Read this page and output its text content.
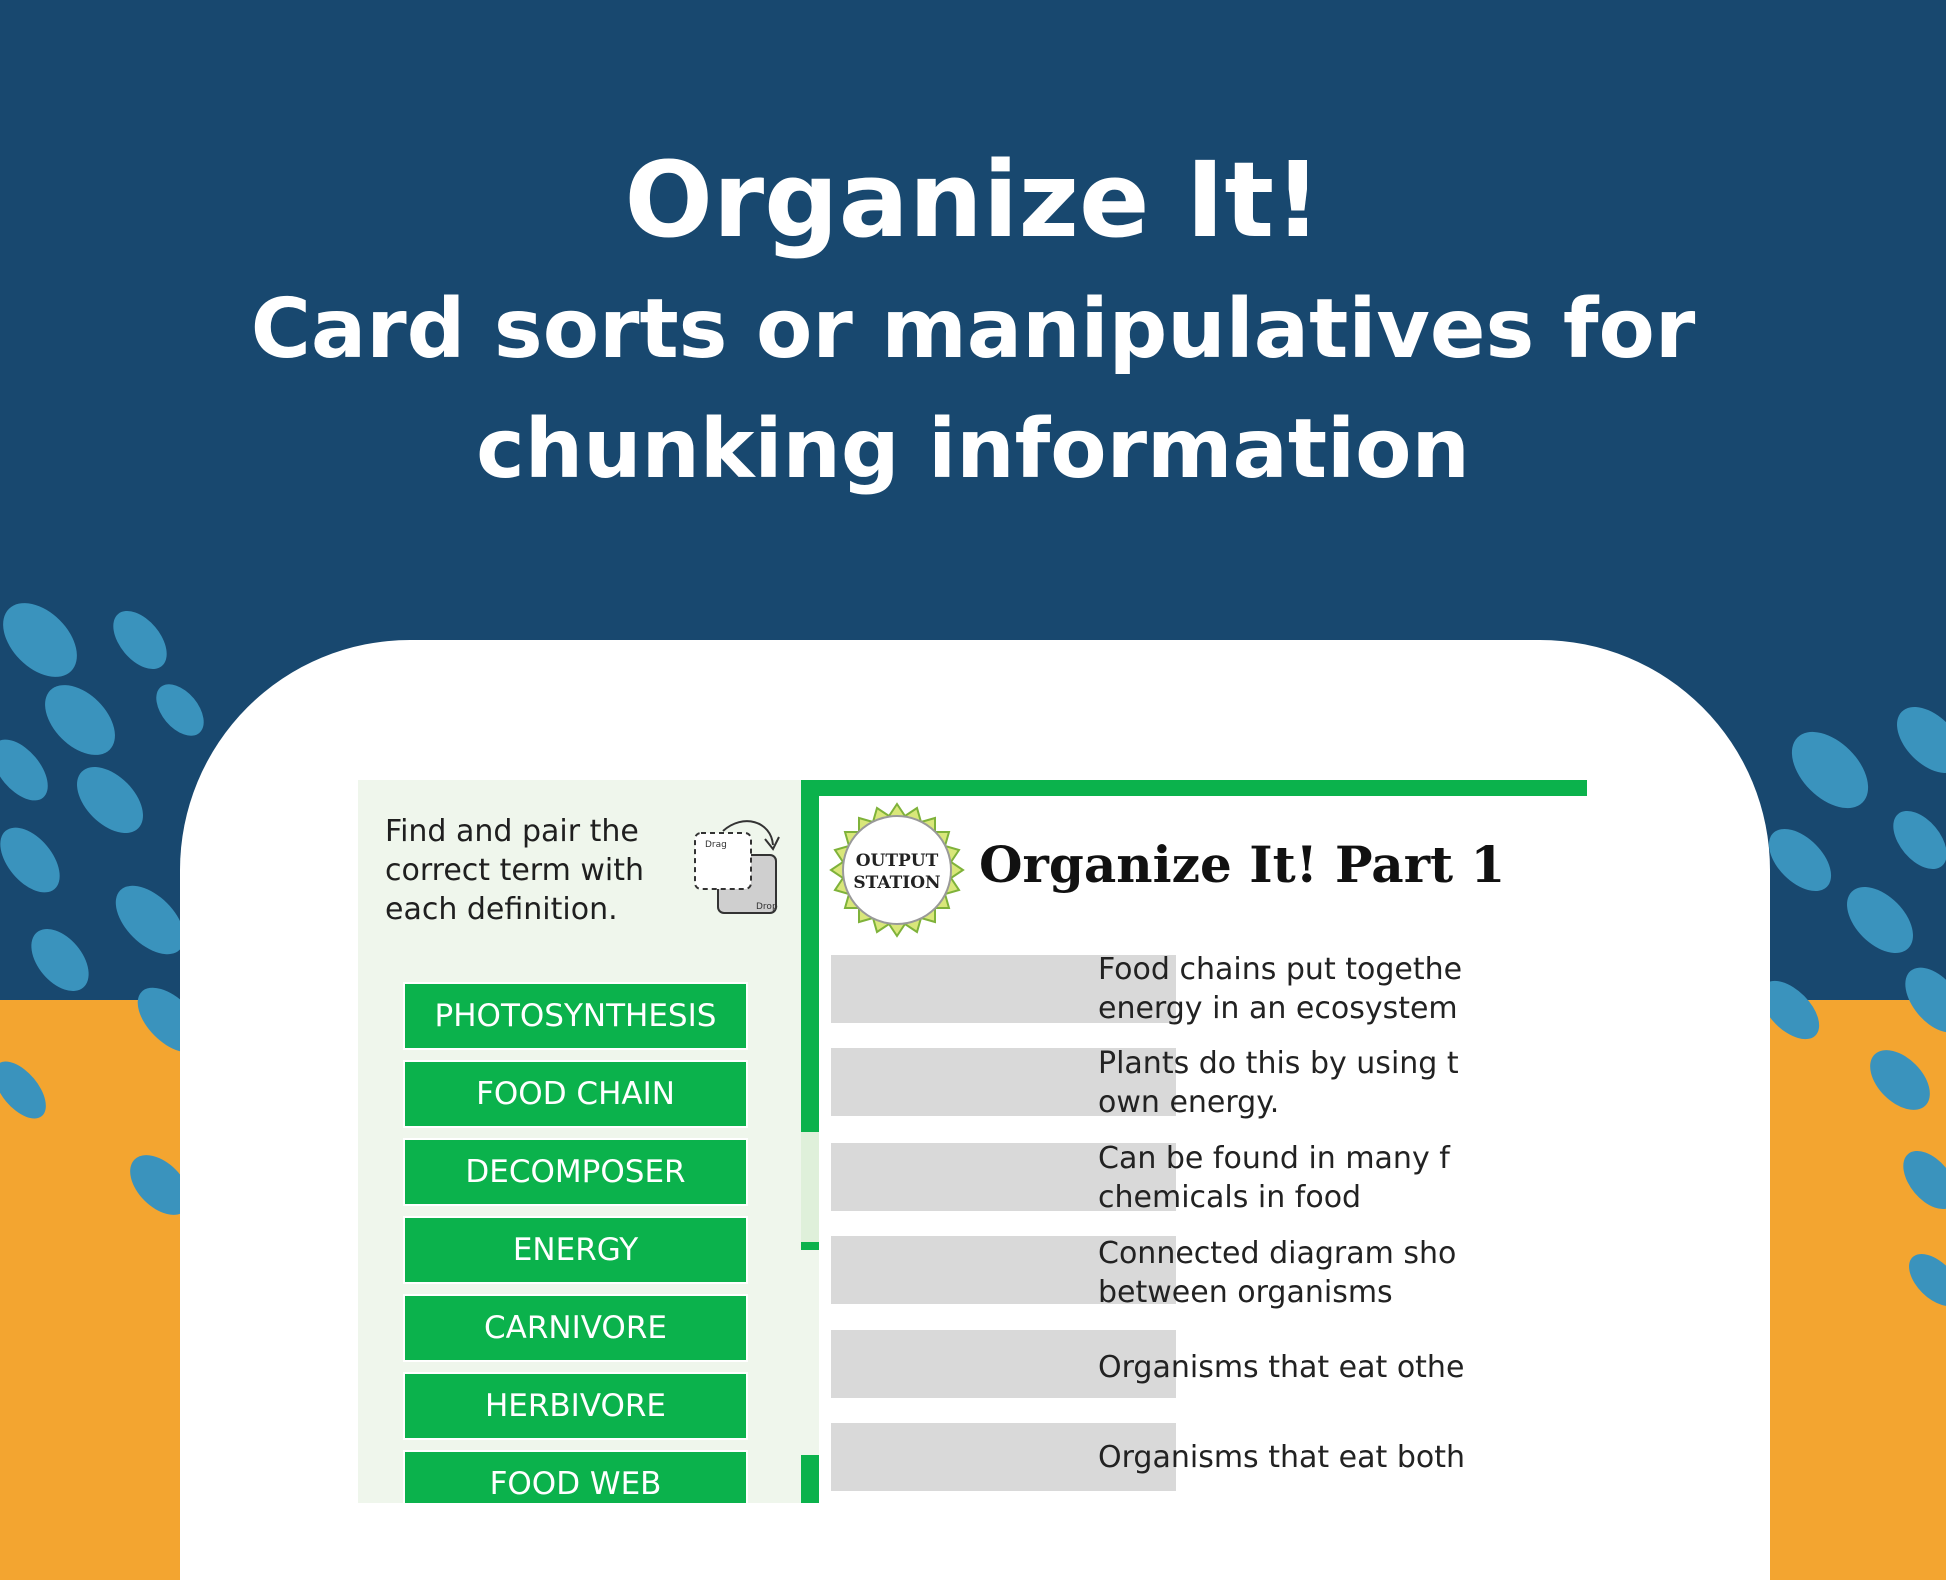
Organize It!
Card sorts or manipulatives for
chunking information
Find and pair the correct term with each definition.
Drag
Drop
PHOTOSYNTHESIS
FOOD CHAIN
DECOMPOSER
ENERGY
CARNIVORE
HERBIVORE
FOOD WEB
OUTPUT
STATION Organize It! Part 1
Food chains put togethe
energy in an ecosystem
Plants do this by using t
own energy.
Can be found in many f
chemicals in food
Connected diagram sho
between organisms
Organisms that eat othe
Organisms that eat both
